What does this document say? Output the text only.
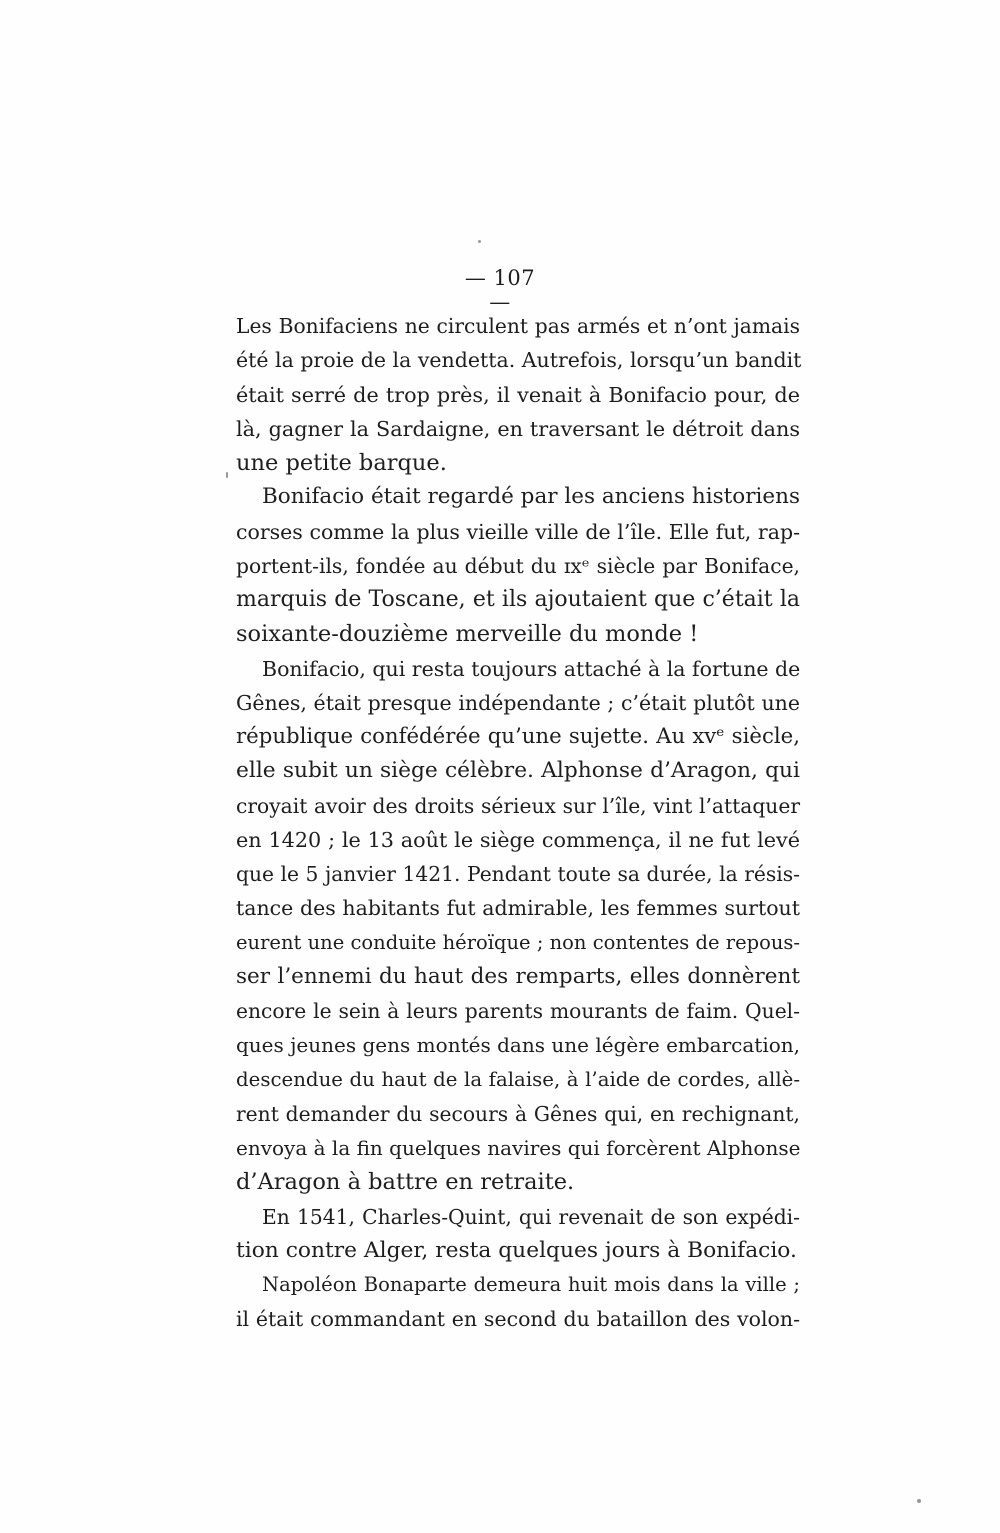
— 107 —
Les Bonifaciens ne circulent pas armés et n’ont jamais
été la proie de la vendetta. Autrefois, lorsqu’un bandit
était serré de trop près, il venait à Bonifacio pour, de
là, gagner la Sardaigne, en traversant le détroit dans
une petite barque.
Bonifacio était regardé par les anciens historiens
corses comme la plus vieille ville de l’île. Elle fut, rap-
portent-ils, fondée au début du ɪxᵉ siècle par Boniface,
marquis de Toscane, et ils ajoutaient que c’était la
soixante-douzième merveille du monde !
Bonifacio, qui resta toujours attaché à la fortune de
Gênes, était presque indépendante ; c’était plutôt une
république confédérée qu’une sujette. Au xvᵉ siècle,
elle subit un siège célèbre. Alphonse d’Aragon, qui
croyait avoir des droits sérieux sur l’île, vint l’attaquer
en 1420 ; le 13 août le siège commença, il ne fut levé
que le 5 janvier 1421. Pendant toute sa durée, la résis-
tance des habitants fut admirable, les femmes surtout
eurent une conduite héroïque ; non contentes de repous-
ser l’ennemi du haut des remparts, elles donnèrent
encore le sein à leurs parents mourants de faim. Quel-
ques jeunes gens montés dans une légère embarcation,
descendue du haut de la falaise, à l’aide de cordes, allè-
rent demander du secours à Gênes qui, en rechignant,
envoya à la fin quelques navires qui forcèrent Alphonse
d’Aragon à battre en retraite.
En 1541, Charles-Quint, qui revenait de son expédi-
tion contre Alger, resta quelques jours à Bonifacio.
Napoléon Bonaparte demeura huit mois dans la ville ;
il était commandant en second du bataillon des volon-
